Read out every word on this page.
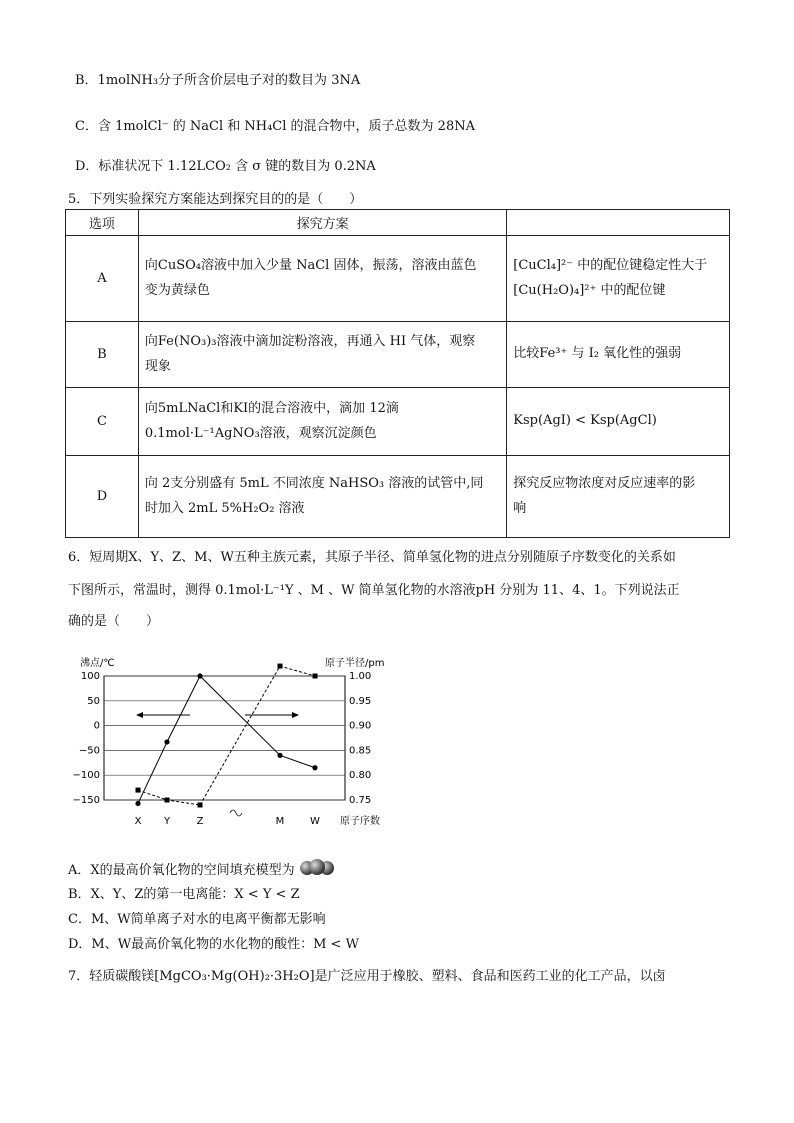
B．1molNH₃分子所含价层电子对的数目为 3NA
C．含 1molCl⁻ 的 NaCl 和 NH₄Cl 的混合物中，质子总数为 28NA
D．标准状况下 1.12LCO₂ 含 σ 键的数目为 0.2NA
5．下列实验探究方案能达到探究目的的是（　　）
选项	探究方案	
A	向CuSO₄溶液中加入少量 NaCl 固体，振荡，溶液由蓝色
变为黄绿色	[CuCl₄]²⁻ 中的配位键稳定性大于
[Cu(H₂O)₄]²⁺ 中的配位键

B	向Fe(NO₃)₃溶液中滴加淀粉溶液，再通入 HI 气体，观察
现象	比较Fe³⁺ 与 I₂ 氧化性的强弱

C	向5mLNaCl和KI的混合溶液中，滴加 12滴
0.1mol·L⁻¹AgNO₃溶液，观察沉淀颜色	Ksp(AgI) < Ksp(AgCl)

D	向 2支分别盛有 5mL 不同浓度 NaHSO₃ 溶液的试管中,同
时加入 2mL 5%H₂O₂ 溶液	探究反应物浓度对反应速率的影
响
6．短周期X、Y、Z、M、W五种主族元素，其原子半径、简单氢化物的进点分别随原子序数变化的关系如
下图所示，常温时，测得 0.1mol·L⁻¹Y 、M 、W 简单氢化物的水溶液pH 分别为 11、4、1。下列说法正
确的是（　　）
沸点/℃	原子半径/pm
100
50
0
−50
−100
−150
1.00
0.95
0.90
0.85
0.80
0.75
X Y	Z	M	W 原子序数
A．X的最高价氧化物的空间填充模型为
B．X、Y、Z的第一电离能：X < Y < Z
C．M、W简单离子对水的电离平衡都无影响
D．M、W最高价氧化物的水化物的酸性：M < W
7．轻质碳酸镁[MgCO₃·Mg(OH)₂·3H₂O]是广泛应用于橡胶、塑料、食品和医药工业的化工产品，以卤
